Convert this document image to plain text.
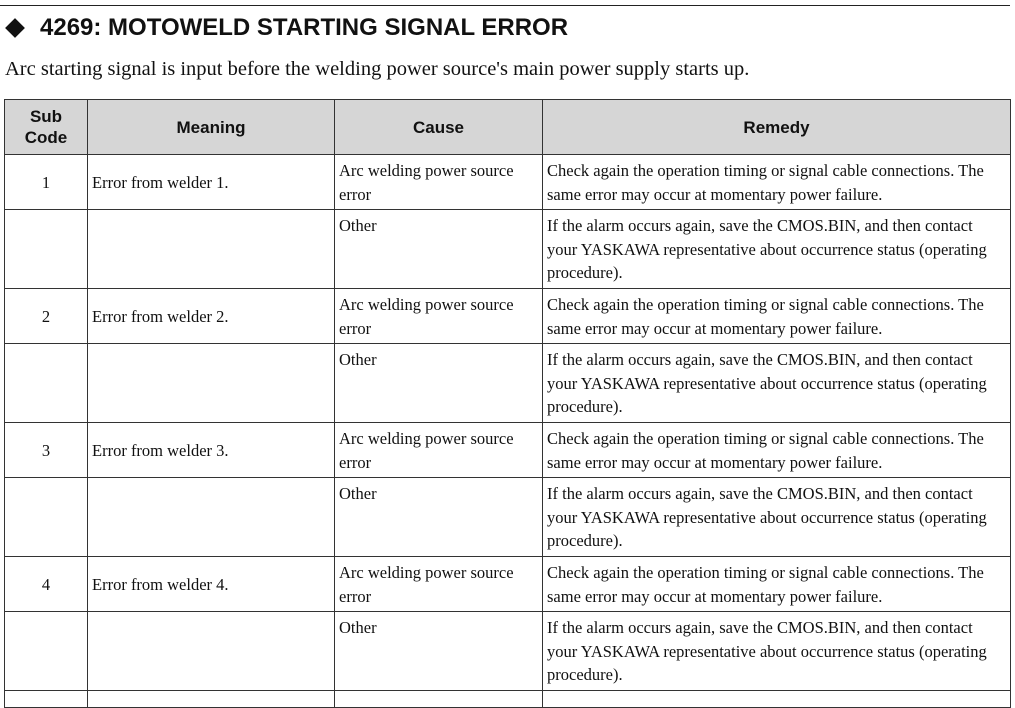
4269: MOTOWELD STARTING SIGNAL ERROR
Arc starting signal is input before the welding power source's main power supply starts up.
Sub Code	Meaning	Cause	Remedy
1	Error from welder 1.	Arc welding power source error	Check again the operation timing or signal cable connections. The same error may occur at momentary power failure.
		Other	If the alarm occurs again, save the CMOS.BIN, and then contact your YASKAWA representative about occurrence status (operating procedure).
2	Error from welder 2.	Arc welding power source error	Check again the operation timing or signal cable connections. The same error may occur at momentary power failure.
		Other	If the alarm occurs again, save the CMOS.BIN, and then contact your YASKAWA representative about occurrence status (operating procedure).
3	Error from welder 3.	Arc welding power source error	Check again the operation timing or signal cable connections. The same error may occur at momentary power failure.
		Other	If the alarm occurs again, save the CMOS.BIN, and then contact your YASKAWA representative about occurrence status (operating procedure).
4	Error from welder 4.	Arc welding power source error	Check again the operation timing or signal cable connections. The same error may occur at momentary power failure.
		Other	If the alarm occurs again, save the CMOS.BIN, and then contact your YASKAWA representative about occurrence status (operating procedure).
